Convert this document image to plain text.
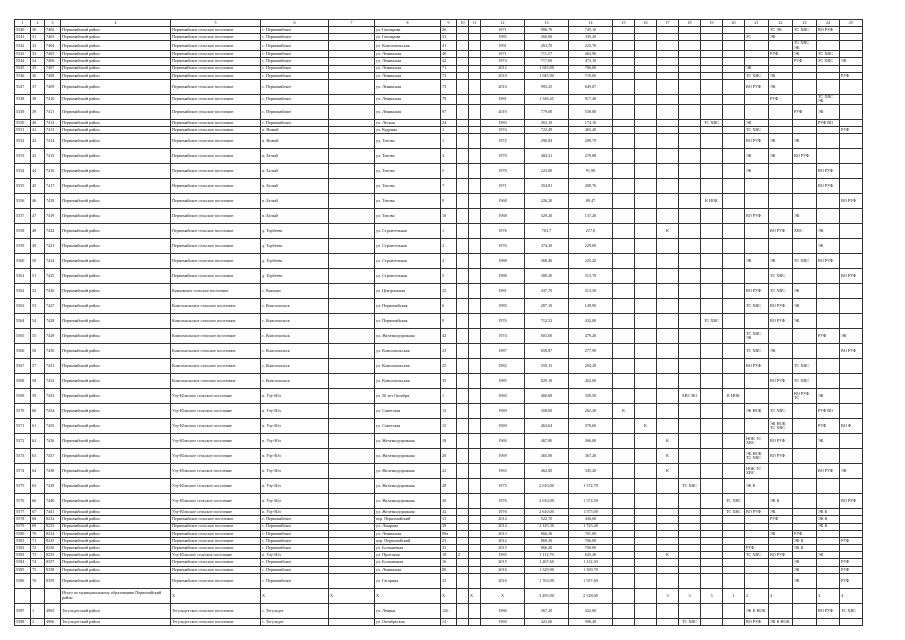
1	2	3	4	5	6	7	8	9	10	11	12	13	14	15	16	17	18	19	20	21	22	23	24	25
5540	30	7402	Первомайский район	Первомайское сельское поселение	с. Первомайское		ул. Гончарова	26			1971	906,70	745,10								ТС ЭК	ТС ХВС	ВО РУФ	
5541	31	7403	Первомайский район	Первомайское сельское поселение	с. Первомайское		ул. Гончарова	31			1985	260,00	335,20							ТС	ЭК			
5542	32	7404	Первомайский район	Первомайское сельское поселение	с. Первомайское		ул. Комсомольская	41			1991	263,70	225,70									ТС ХВС ЭК		
5543	33	7405	Первомайский район	Первомайское сельское поселение	с. Первомайское		ул. Ленинская	40			1971	711,57	463,96								РУФ	ЭК	ТС ХВС	
5544	34	7406	Первомайский район	Первомайское сельское поселение	с. Первомайское		ул. Ленинская	42			1974	717,00	473,10									РУФ	ТС ХВС	ЭК
5545	35	7407	Первомайский район	Первомайское сельское поселение	с. Первомайское		ул. Ленинская	71			2012	1 043,90	706,00							ЭК				
5546	36	7408	Первомайский район	Первомайское сельское поселение	с. Первомайское		ул. Ленинская	73			2010	1 045,90	719,60							ТС ХВС	ЭК			РУФ
5547	37	7409	Первомайский район	Первомайское сельское поселение	с. Первомайское		ул. Ленинская	75			2010	995,25	649,07							ВО РУФ	ЭК			
5548	38	7410	Первомайский район	Первомайское сельское поселение	с. Первомайское		ул. Ленинская	79			1981	1 546,45	917,40								РУФ		ТС ХВС ЭК	
5549	39	7411	Первомайский район	Первомайское сельское поселение	с. Первомайское		ул. Ленинская	97			2010	779,00	530,80									РУФ	ЭК	
5550	40	7412	Первомайский район	Первомайское сельское поселение	с. Первомайское		ул. Лесная	24			1983	263,10	174,10					ТС ХВС		ЭК			РУФ ВО	
5551	41	7413	Первомайский район	Первомайское сельское поселение	п. Новый		ул. Кудрина	1			1974	722,49	465,40							ТС ХВС				РУФ
5552	42	7414	Первомайский район	Первомайское сельское поселение	п. Новый		ул. Титова	1			1972	296,84	209,79							ВО РУФ	ЭК	ЭК		
5553	43	7415	Первомайский район	Первомайское сельское поселение	п. Белый		ул. Титова	3			1970	484,51	279,88							ЭК	ЭК	ВО РУФ		
5554	44	7416	Первомайский район	Первомайское сельское поселение	п. Белый		ул. Титова	5			1970	223,00	91,90							ЭК			ВО РУФ	
5555	45	7417	Первомайский район	Первомайское сельское поселение	п. Белый		ул. Титова	7			1971	354,81	208,76										ВО РУФ	
5556	46	7418	Первомайский район	Первомайское сельское поселение	п. Белый		ул. Титова	9			1968	226,20	80,47					К НОК						ВО РУФ
5557	47	7419	Первомайский район	Первомайское сельское поселение	п. Белый		ул. Титова	10			1968	329,20	137,20							ВО РУФ		ЭК		
5558	48	7422	Первомайский район	Первомайское сельское поселение	д. Торбеево		ул. Строительная	1			1976	763,7	217,8			К					ВО РУФ	ХВС	ЭК	
5559	49	7423	Первомайский район	Первомайское сельское поселение	д. Торбеево		ул. Строительная	2			1976	374,20	229,00										ЭК	
5560	50	7424	Первомайский район	Первомайское сельское поселение	д. Торбеево		ул. Строительная	4			1988	368,40	225,20							ЭК	ЭК	ТС ХВС	ВО РУФ	
5561	51	7425	Первомайский район	Первомайское сельское поселение	д. Торбеево		ул. Строительная	5			1988	389,20	313,70								ТС ХВС			ВО РУФ
5562	52	7426	Первомайский район	Куяновское сельское поселение	с. Куяново		ул. Центральная	25			1981	437,70	313,50							ВО РУФ	ТС ХВС	ЭК		
5563	53	7427	Первомайский район	Комсомольское сельское поселение	с. Комсомольск		ул. Первомайская	6			1985	287,10	149,90							ТС ХВС	ВО РУФ	ЭК		
5564	54	7428	Первомайский район	Комсомольское сельское поселение	с. Комсомольск		ул. Первомайская	9			1976	712,52	432,00					ТС ХВС			ВО РУФ	ЭК		
5565	55	7429	Первомайский район	Комсомольское сельское поселение	с. Комсомольск		ул. Железнодорожная	42			1974	603,00	479,20							ТС ХВС ЭК			РУФ	ЭК
5566	56	7430	Первомайский район	Комсомольское сельское поселение	с. Комсомольск		ул. Комсомольская	23			1987	658,87	277,90							ТС ХВС	ЭК			ВО РУФ
5567	57	7431	Первомайский район	Комсомольское сельское поселение	с. Комсомольск		ул. Комсомольская	25			1982	550,15	294,28							ВО РУФ		ТС ХВС		
5568	58	7432	Первомайский район	Комсомольское сельское поселение	с. Комсомольск		ул. Комсомольская	35			1985	829,10	452,00								ВО РУФ	ТС ХВС		
5569	59	7433	Первомайский район	Улу-Юльское сельское поселение	п. Улу-Юл		ул. 50 лет Октября	1			1969	460,00	358,50				ХВС ВО		К НОК			ВО РУФ ТС	ЭК	
5570	60	7434	Первомайский район	Улу-Юльское сельское поселение	п. Улу-Юл		ул. Советская	13			1969	358,00	262,20	К						ЭК НОК	ТС ХВС		РУФ ВО	
5571	61	7435	Первомайский район	Улу-Юльское сельское поселение	п. Улу-Юл		ул. Советская	15			1969	463,64	370,60		К						ЭК НОК ТС ХВС		РУФ	ВО Ф
5572	62	7436	Первомайский район	Улу-Юльское сельское поселение	п. Улу-Юл		ул. Железнодорожная	18			1969	467,00	366,00			К				НОК ТС ХВС	ВО РУФ		ЭК	
5573	63	7437	Первомайский район	Улу-Юльское сельское поселение	п. Улу-Юл		ул. Железнодорожная	20			1969	465,00	367,20			К				ЭК НОК ТС ХВС	ВО РУФ			
5574	64	7438	Первомайский район	Улу-Юльское сельское поселение	п. Улу-Юл		ул. Железнодорожная	22			1965	462,00	345,20			К				НОК ТС ХВС			ВО РУФ	ЭК
5575	65	7439	Первомайский район	Улу-Юльское сельское поселение	п. Улу-Юл		ул. Железнодорожная	28			1975	2 610,00	1 572,70				ТС ХВС			ЭК К				
5576	66	7440	Первомайский район	Улу-Юльское сельское поселение	п. Улу-Юл		ул. Железнодорожная	30			1976	2 610,00	1 574,50						ТС ХВС		ЭК К			ВО РУФ
5577	67	7441	Первомайский район	Улу-Юльское сельское поселение	п. Улу-Юл		ул. Железнодорожная	32			1976	2 610,00	1 575,00						ТС ХВС	ВО РУФ	ЭК		ЭК К	
5578	68	8232	Первомайский район	Первомайское сельское поселение	с. Первомайское		пер. Первомайский	13			2014	522,70	436,00								РУФ		ЭК К	
5579	69	8233	Первомайский район	Первомайское сельское поселение	с. Первомайское		ул. Лазарева	39			2014	2 145,30	1 723,40										ЭК К	
5580	70	8234	Первомайский район	Первомайское сельское поселение	с. Первомайское		ул. Ленинская	99а			2013	866,30	701,00								ЭК	РУФ		
5581	71	8235	Первомайский район	Первомайское сельское поселение	с. Первомайское		пер. Первомайский	23			2012	869,20	706,00									ЭК К		РУФ
5582	72	8236	Первомайский район	Первомайское сельское поселение	с. Первомайское		ул. Больничная	33			2015	866,20	700,00							РУФ		ЭК К		
5583	73	8255	Первомайский район	Улу-Юльское сельское поселение	п. Улу-Юл		ул. Проезжая	18	2		1985	1 112,70	645,40			К				ТС ХВС	ВО РУФ		ЭК	
5584	74	8357	Первомайский район	Первомайское сельское поселение	с. Первомайское		ул. Больничная	16			2015	1 267,60	1 112,30									ЭК		РУФ
5585	75	8358	Первомайский район	Первомайское сельское поселение	с. Первомайское		ул. Ленинская	80			2016	1 329,00	1 169,70									ЭК		РУФ
5586	76	8359	Первомайский район	Первомайское сельское поселение	с. Первомайское		ул. Гагарина	23			2016	1 763,00	1 557,60									ЭК		РУФ
			Итого по муниципальному образованию Первомайский район	Х	Х	Х	Х	Х		Х	Х	3 495,90	2 528,00			3	3	3	1	2	4		3	4
5587	1	4965	Тегульдетский район	Тегульдетское сельское поселение	с. Тегульдет		ул. Ленина	126			1986	367,20	322,00							ЭК К НОК			ВО РУФ	ТС ХВС
5588	2	4966	Тегульдетский район	Тегульдетское сельское поселение	с. Тегульдет		ул. Октябрьская	14			1969	423,60	396,40				ТС ХВС			ВО РУФ	ЭК К НОК			
